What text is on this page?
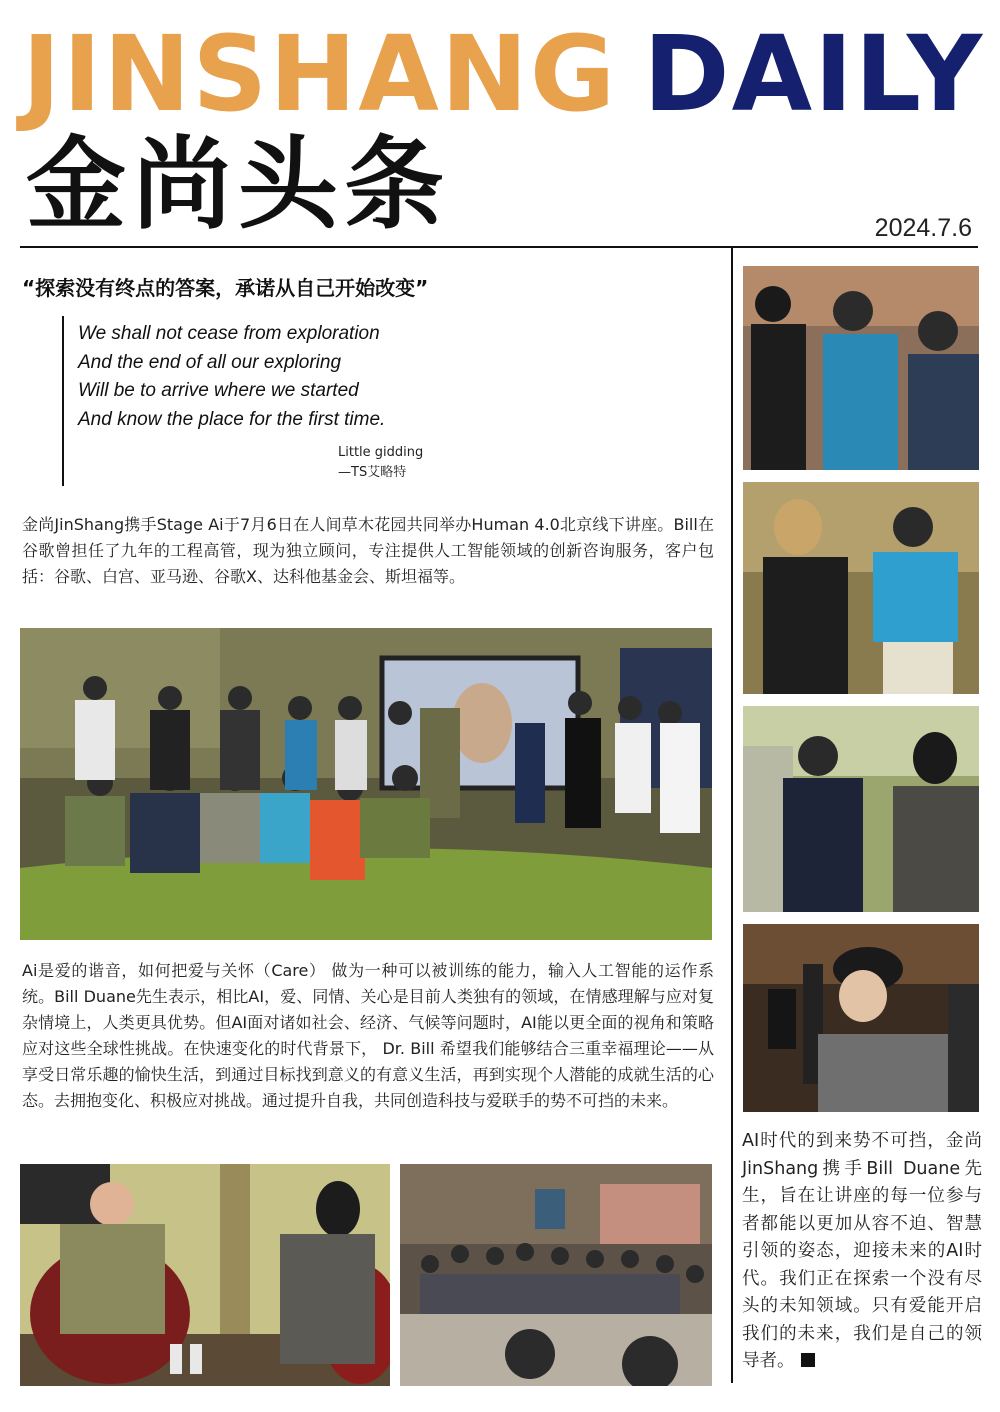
JINSHANG DAILY
金尚头条	2024.7.6
“探索没有终点的答案，承诺从自己开始改变”
We shall not cease from exploration
And the end of all our exploring
Will be to arrive where we started
And know the place for the first time.
Little gidding
—TS艾略特
金尚JinShang携手Stage Ai于7月6日在人间草木花园共同举办Human 4.0北京线下讲座。Bill在谷歌曾担任了九年的工程高管，现为独立顾问，专注提供人工智能领域的创新咨询服务，客户包括：谷歌、白宫、亚马逊、谷歌X、达科他基金会、斯坦福等。
Ai是爱的谐音，如何把爱与关怀（Care） 做为一种可以被训练的能力，输入人工智能的运作系统。Bill Duane先生表示，相比AI，爱、同情、关心是目前人类独有的领域，在情感理解与应对复杂情境上，人类更具优势。但AI面对诸如社会、经济、气候等问题时，AI能以更全面的视角和策略应对这些全球性挑战。在快速变化的时代背景下， Dr. Bill 希望我们能够结合三重幸福理论——从享受日常乐趣的愉快生活，到通过目标找到意义的有意义生活，再到实现个人潜能的成就生活的心态。去拥抱变化、积极应对挑战。通过提升自我，共同创造科技与爱联手的势不可挡的未来。
AI时代的到来势不可挡，金尚JinShang携手Bill Duane先生，旨在让讲座的每一位参与者都能以更加从容不迫、智慧引领的姿态，迎接未来的AI时代。我们正在探索一个没有尽头的未知领域。只有爱能开启我们的未来，我们是自己的领导者。
